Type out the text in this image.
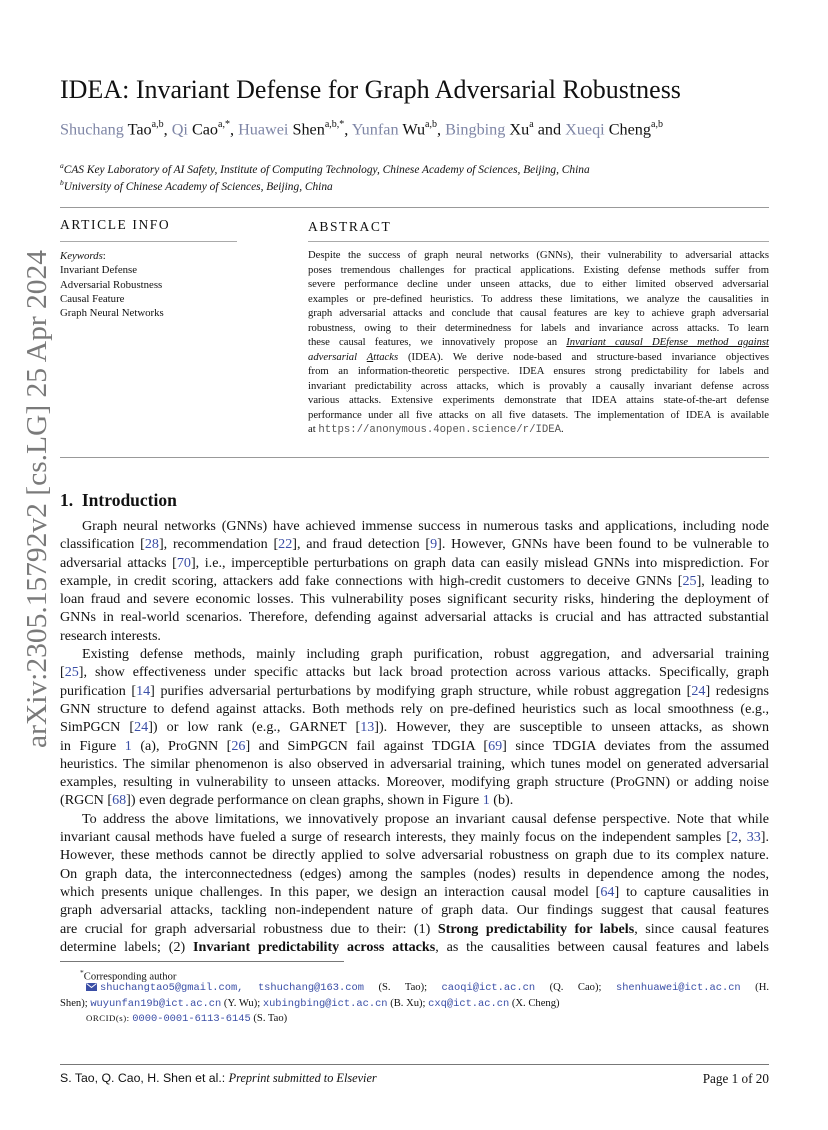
arXiv:2305.15792v2 [cs.LG] 25 Apr 2024
IDEA: Invariant Defense for Graph Adversarial Robustness
Shuchang Tao$^{a,b}$, Qi Cao$^{a,*}$, Huawei Shen$^{a,b,*}$, Yunfan Wu$^{a,b}$, Bingbing Xu$^a$ and Xueqi Cheng$^{a,b}$
$^a$CAS Key Laboratory of AI Safety, Institute of Computing Technology, Chinese Academy of Sciences, Beijing, China
$^b$University of Chinese Academy of Sciences, Beijing, China
ARTICLE INFO
Keywords:
Invariant Defense
Adversarial Robustness
Causal Feature
Graph Neural Networks
ABSTRACT
Despite the success of graph neural networks (GNNs), their vulnerability to adversarial attacks
poses tremendous challenges for practical applications. Existing defense methods suffer from
severe performance decline under unseen attacks, due to either limited observed adversarial
examples or pre-defined heuristics. To address these limitations, we analyze the causalities in
graph adversarial attacks and conclude that causal features are key to achieve graph adversarial
robustness, owing to their determinedness for labels and invariance across attacks. To learn
these causal features, we innovatively propose an Invariant causal DEfense method against
adversarial Attacks (IDEA). We derive node-based and structure-based invariance objectives
from an information-theoretic perspective. IDEA ensures strong predictability for labels and
invariant predictability across attacks, which is provably a causally invariant defense across
various attacks. Extensive experiments demonstrate that IDEA attains state-of-the-art defense
performance under all five attacks on all five datasets. The implementation of IDEA is available
at https://anonymous.4open.science/r/IDEA.
1. Introduction
Graph neural networks (GNNs) have achieved immense success in numerous tasks and applications, including node
classification [28], recommendation [22], and fraud detection [9]. However, GNNs have been found to be vulnerable to
adversarial attacks [70], i.e., imperceptible perturbations on graph data can easily mislead GNNs into misprediction. For
example, in credit scoring, attackers add fake connections with high-credit customers to deceive GNNs [25], leading to
loan fraud and severe economic losses. This vulnerability poses significant security risks, hindering the deployment of
GNNs in real-world scenarios. Therefore, defending against adversarial attacks is crucial and has attracted substantial
research interests.
Existing defense methods, mainly including graph purification, robust aggregation, and adversarial training
[25], show effectiveness under specific attacks but lack broad protection across various attacks. Specifically, graph
purification [14] purifies adversarial perturbations by modifying graph structure, while robust aggregation [24] redesigns
GNN structure to defend against attacks. Both methods rely on pre-defined heuristics such as local smoothness (e.g.,
SimPGCN [24]) or low rank (e.g., GARNET [13]). However, they are susceptible to unseen attacks, as shown
in Figure 1 (a), ProGNN [26] and SimPGCN fail against TDGIA [69] since TDGIA deviates from the assumed
heuristics. The similar phenomenon is also observed in adversarial training, which tunes model on generated adversarial
examples, resulting in vulnerability to unseen attacks. Moreover, modifying graph structure (ProGNN) or adding noise
(RGCN [68]) even degrade performance on clean graphs, shown in Figure 1 (b).
To address the above limitations, we innovatively propose an invariant causal defense perspective. Note that while
invariant causal methods have fueled a surge of research interests, they mainly focus on the independent samples [2, 33].
However, these methods cannot be directly applied to solve adversarial robustness on graph due to its complex nature.
On graph data, the interconnectedness (edges) among the samples (nodes) results in dependence among the nodes,
which presents unique challenges. In this paper, we design an interaction causal model [64] to capture causalities in
graph adversarial attacks, tackling non-independent nature of graph data. Our findings suggest that causal features
are crucial for graph adversarial robustness due to their: (1) Strong predictability for labels, since causal features
determine labels; (2) Invariant predictability across attacks, as the causalities between causal features and labels
*Corresponding author
shuchangtao5@gmail.com, tshuchang@163.com (S. Tao); caoqi@ict.ac.cn (Q. Cao); shenhuawei@ict.ac.cn (H.
Shen); wuyunfan19b@ict.ac.cn (Y. Wu); xubingbing@ict.ac.cn (B. Xu); cxq@ict.ac.cn (X. Cheng)
ORCID(s): 0000-0001-6113-6145 (S. Tao)
S. Tao, Q. Cao, H. Shen et al.: Preprint submitted to Elsevier	Page 1 of 20
